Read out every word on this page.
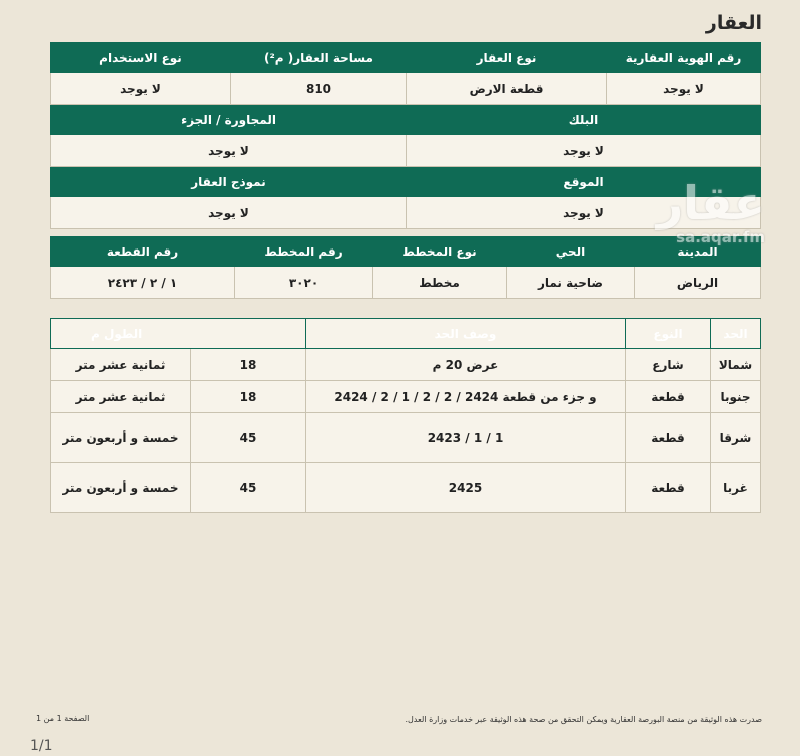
العقار
رقم الهوية العقارية	نوع العقار	مساحة العقار( م²)	نوع الاستخدام
لا يوجد	قطعة الارض	810	لا يوجد
البلك		المجاورة / الجزء	
لا يوجد		لا يوجد	
الموقع		نموذج العقار	
لا يوجد		لا يوجد	
المدينة	الحي	نوع المخطط	رقم المخطط	رقم القطعة
الرياض	ضاحية نمار	مخطط	٣٠٢٠	١ / ٢ / ٢٤٢٣
الحد	النوع	وصف الحد	الطول م	
شمالا	شارع	عرض 20 م	18	ثمانية عشر متر
جنوبا	قطعة	و جزء من قطعة 2424 / 2 / 2 / 1 / 2 / 2424	18	ثمانية عشر متر
شرقا	قطعة	1 / 1 / 2423	45	خمسة و أربعون متر
غربا	قطعة	2425	45	خمسة و أربعون متر
عقار
sa.aqar.fm
صدرت هذه الوثيقة من منصة البورصة العقارية ويمكن التحقق من صحة هذه الوثيقة عبر خدمات وزارة العدل.
الصفحة 1 من 1
1/1
